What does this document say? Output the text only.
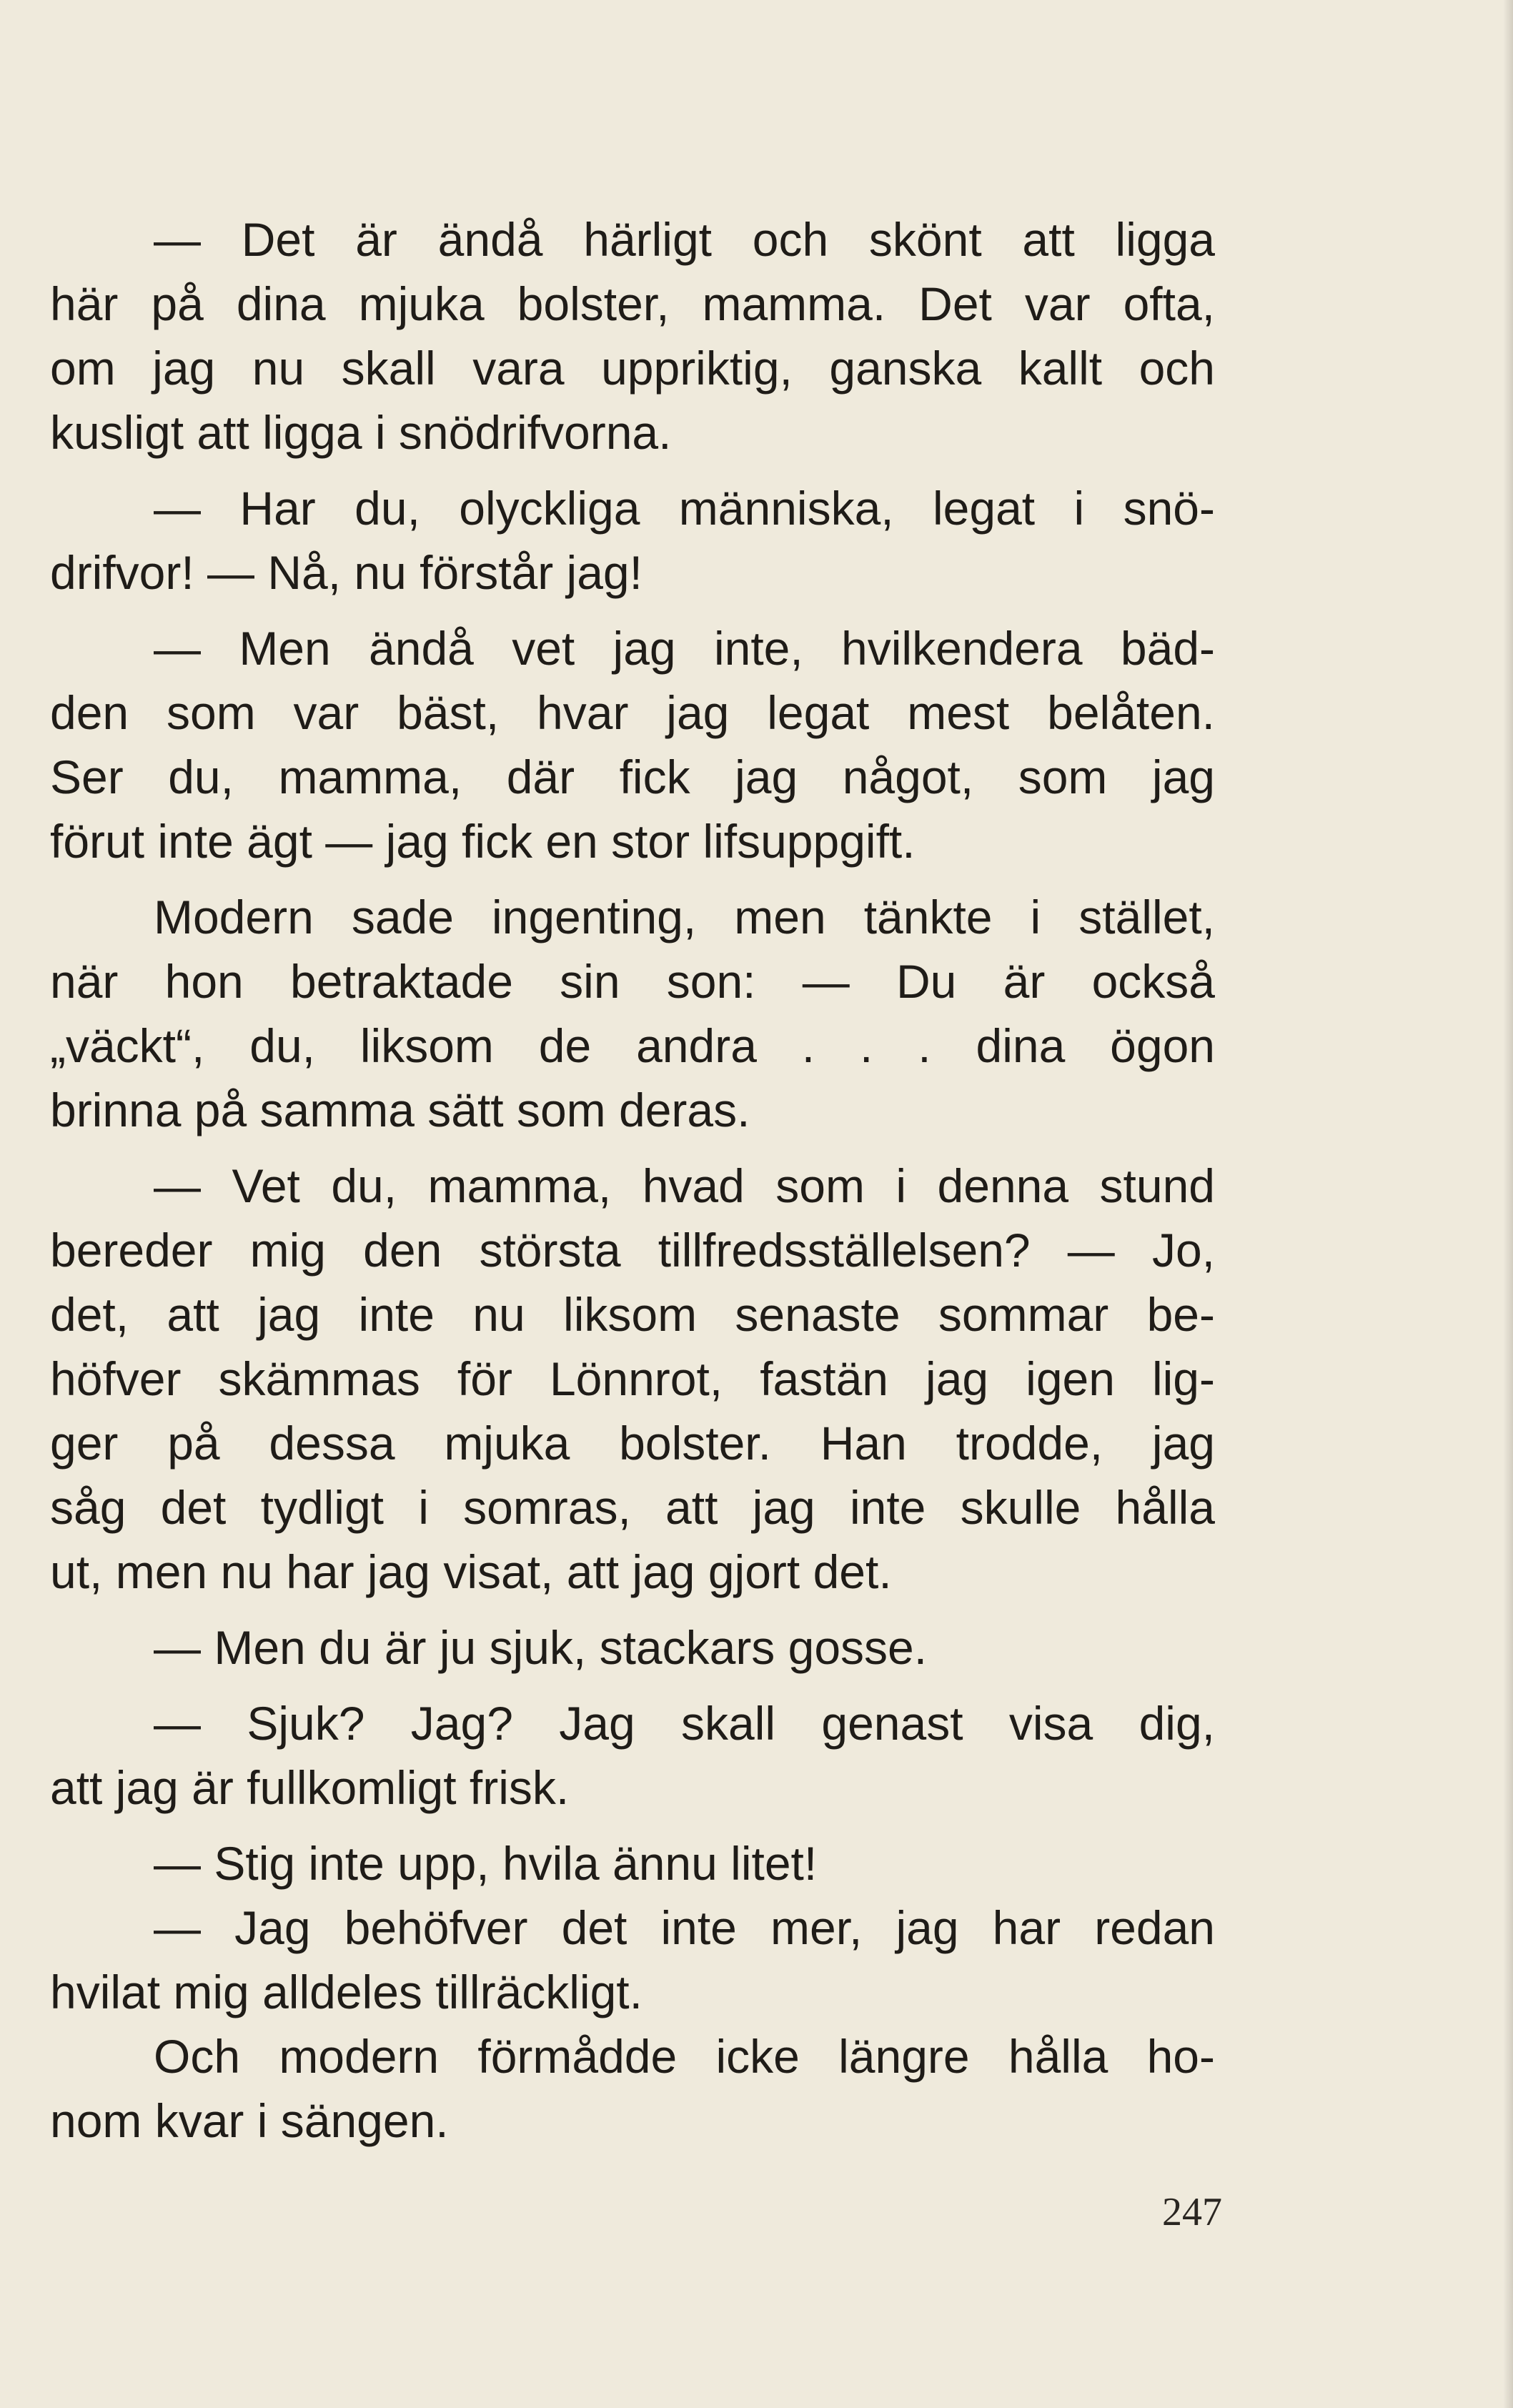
— Det är ändå härligt och skönt att ligga
här på dina mjuka bolster, mamma. Det var ofta,
om jag nu skall vara uppriktig, ganska kallt och
kusligt att ligga i snödrifvorna.
— Har du, olyckliga människa, legat i snö-
drifvor! — Nå, nu förstår jag!
— Men ändå vet jag inte, hvilkendera bäd-
den som var bäst, hvar jag legat mest belåten.
Ser du, mamma, där fick jag något, som jag
förut inte ägt — jag fick en stor lifsuppgift.
Modern sade ingenting, men tänkte i stället,
när hon betraktade sin son: — Du är också
„väckt“, du, liksom de andra . . . dina ögon
brinna på samma sätt som deras.
— Vet du, mamma, hvad som i denna stund
bereder mig den största tillfredsställelsen? — Jo,
det, att jag inte nu liksom senaste sommar be-
höfver skämmas för Lönnrot, fastän jag igen lig-
ger på dessa mjuka bolster. Han trodde, jag
såg det tydligt i somras, att jag inte skulle hålla
ut, men nu har jag visat, att jag gjort det.
— Men du är ju sjuk, stackars gosse.
— Sjuk? Jag? Jag skall genast visa dig,
att jag är fullkomligt frisk.
— Stig inte upp, hvila ännu litet!
— Jag behöfver det inte mer, jag har redan
hvilat mig alldeles tillräckligt.
Och modern förmådde icke längre hålla ho-
nom kvar i sängen.
247
